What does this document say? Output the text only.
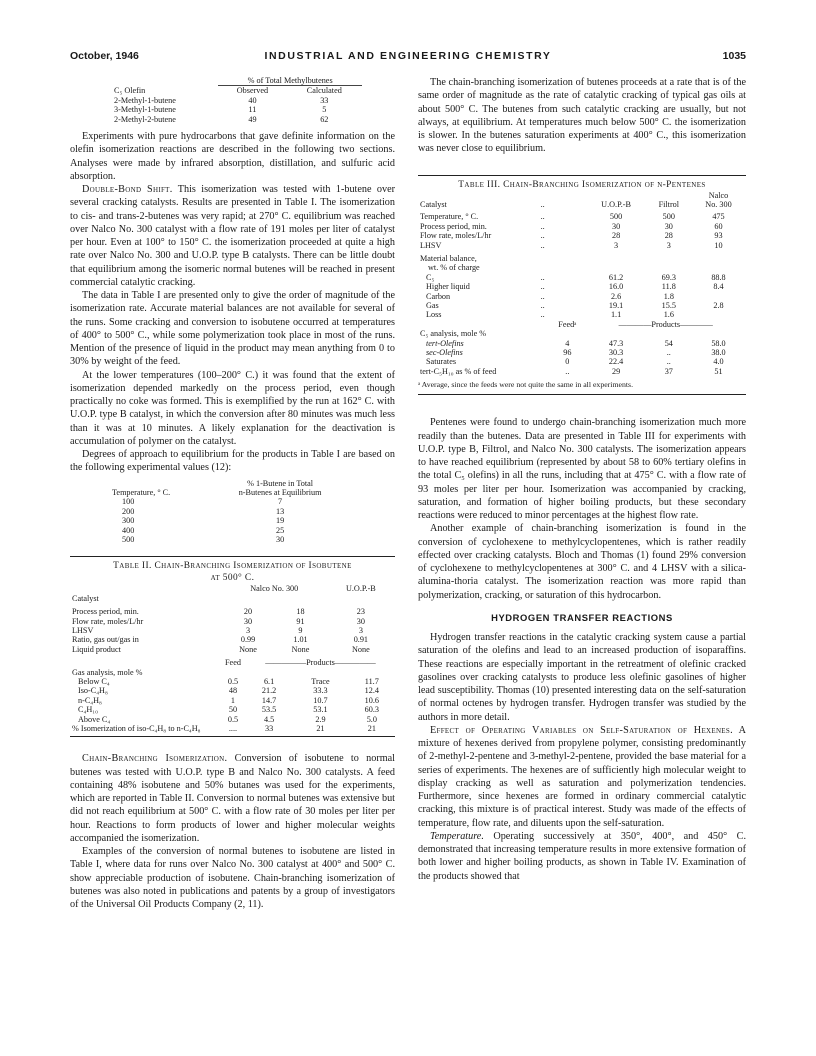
October, 1946	INDUSTRIAL AND ENGINEERING CHEMISTRY	1035
	% of Total Methylbutenes	
C₅ Olefin	Observed	Calculated
2-Methyl-1-butene	40	33
3-Methyl-1-butene	11	5
2-Methyl-2-butene	49	62

Experiments with pure hydrocarbons that gave definite information on the olefin isomerization reactions are described in the following two sections. Analyses were made by infrared absorption, distillation, and sulfuric acid absorption.

Double-Bond Shift. This isomerization was tested with 1-butene over several cracking catalysts. Results are presented in Table I. The isomerization to cis- and trans-2-butenes was very rapid; at 270° C. equilibrium was reached over Nalco No. 300 catalyst with a flow rate of 191 moles per liter of catalyst per hour. Even at 100° to 150° C. the isomerization proceeded at quite a high rate over Nalco No. 300 and U.O.P. type B catalysts. There can be little doubt that equilibrium among the isomeric normal butenes will be reached in present commercial catalytic cracking.

The data in Table I are presented only to give the order of magnitude of the isomerization rate. Accurate material balances are not available for several of the runs. Some cracking and conversion to isobutene occurred at temperatures of 400° to 500° C., while some polymerization took place in most of the runs. Mention of the presence of liquid in the product may mean anything from 0 to 30% by weight of the feed.

At the lower temperatures (100–200° C.) it was found that the extent of isomerization depended markedly on the process period, even though practically no coke was formed. This is exemplified by the run at 162° C. with U.O.P. type B catalyst, in which the conversion after 80 minutes was much less than it was at 10 minutes. A likely explanation for the deactivation is accumulation of polymer on the catalyst.

Degrees of approach to equilibrium for the products in Table I are based on the following experimental values (12):

	% 1-Butene in Total
Temperature, ° C.	n-Butenes at Equilibrium
100	7
200	13
300	19
400	25
500	30

Table II. Chain-Branching Isomerization of Isobutene

at 500° C.

	Nalco No. 300		U.O.P.-B
Catalyst			

Process period, min.	20	18	23
Flow rate, moles/L/hr	30	91	30
LHSV	3	9	3
Ratio, gas out/gas in	0.99	1.01	0.91
Liquid product	None	None	None

	Feed	—————Products—————		
Gas analysis, mole %				
Below C₄	0.5	6.1	Trace	11.7
Iso-C₄H₈	48	21.2	33.3	12.4
n-C₄H₈	1	14.7	10.7	10.6
C₄H₁₀	50	53.5	53.1	60.3
Above C₄	0.5	4.5	2.9	5.0
% Isomerization of iso-C₄H₈ to n-C₄H₈	....	33	21	21

Chain-Branching Isomerization. Conversion of isobutene to normal butenes was tested with U.O.P. type B and Nalco No. 300 catalysts. A feed containing 48% isobutene and 50% butanes was used for the experiments, which are reported in Table II. Conversion to normal butenes was extensive but did not reach equilibrium at 500° C. with a flow rate of 30 moles per liter per hour. Reactions to form products of lower and higher molecular weights accompanied the isomerization.

Examples of the conversion of normal butenes to isobutene are listed in Table I, where data for runs over Nalco No. 300 catalyst at 400° and 500° C. show appreciable production of isobutene. Chain-branching isomerization of butenes was also noted in publications and patents by a group of investigators of the Universal Oil Products Company (2, 11).

The chain-branching isomerization of butenes proceeds at a rate that is of the same order of magnitude as the rate of catalytic cracking of typical gas oils at about 500° C. The butenes from such catalytic cracking are usually, but not always, at equilibrium. At temperatures much below 500° C. the isomerization is slower. In the butenes saturation experiments at 400° C., this isomerization was never close to equilibrium.

Table III. Chain-Branching Isomerization of n-Pentenes

					Nalco
Catalyst	..		U.O.P.-B	Filtrol	No. 300

Temperature, ° C.	..		500	500	475
Process period, min.	..		30	30	60
Flow rate, moles/L/hr	..		28	28	93
LHSV	..		3	3	10

Material balance,					
wt. % of charge					
C₅	..		61.2	69.3	88.8
Higher liquid	..		16.0	11.8	8.4
Carbon	..		2.6	1.8	
Gas	..		19.1	15.5	2.8
Loss	..		1.1	1.6	
		Feedᵃ	————Products————		
C₅ analysis, mole %					
tert-Olefins		4	47.3	54	58.0
sec-Olefins		96	30.3	..	38.0
Saturates		0	22.4	..	4.0
tert-C₅H₁₀ as % of feed		..	29	37	51

ᵃ Average, since the feeds were not quite the same in all experiments.

Pentenes were found to undergo chain-branching isomerization much more readily than the butenes. Data are presented in Table III for experiments with U.O.P. type B, Filtrol, and Nalco No. 300 catalysts. The isomerization appears to have reached equilibrium (represented by about 58 to 60% tertiary olefins in the total C₅ olefins) in all the runs, including that at 475° C. with a flow rate of 93 moles per liter per hour. Isomerization was accompanied by cracking, saturation, and formation of higher boiling products, but these secondary reactions were reduced to minor percentages at the highest flow rate.

Another example of chain-branching isomerization is found in the conversion of cyclohexene to methylcyclopentenes, which is rather readily effected over cracking catalysts. Bloch and Thomas (1) found 29% conversion of cyclohexene to methylcyclopentenes at 300° C. and 4 LHSV with a silica-alumina-thoria catalyst. The isomerization reaction was more rapid than polymerization, cracking, or saturation of this hydrocarbon.

HYDROGEN TRANSFER REACTIONS

Hydrogen transfer reactions in the catalytic cracking system cause a partial saturation of the olefins and lead to an increased production of isoparaffins. These reactions are especially important in the retreatment of olefinic cracked gasolines over cracking catalysts to produce less olefinic gasolines of higher lead susceptibility. Thomas (10) presented interesting data on the self-saturation of normal octenes by hydrogen transfer. Hydrogen transfer was studied by the authors in more detail.

Effect of Operating Variables on Self-Saturation of Hexenes. A mixture of hexenes derived from propylene polymer, consisting predominantly of 2-methyl-2-pentene and 3-methyl-2-pentene, provided the base material for a series of experiments. The hexenes are of sufficiently high molecular weight to display cracking as well as saturation and polymerization tendencies. Furthermore, since hexenes are formed in ordinary commercial catalytic cracking, this mixture is of practical interest. Study was made of the effects of temperature, flow rate, and diluents upon the self-saturation.

Temperature. Operating successively at 350°, 400°, and 450° C. demonstrated that increasing temperature results in more extensive formation of both lower and higher boiling products, as shown in Table IV. Examination of the products showed that
